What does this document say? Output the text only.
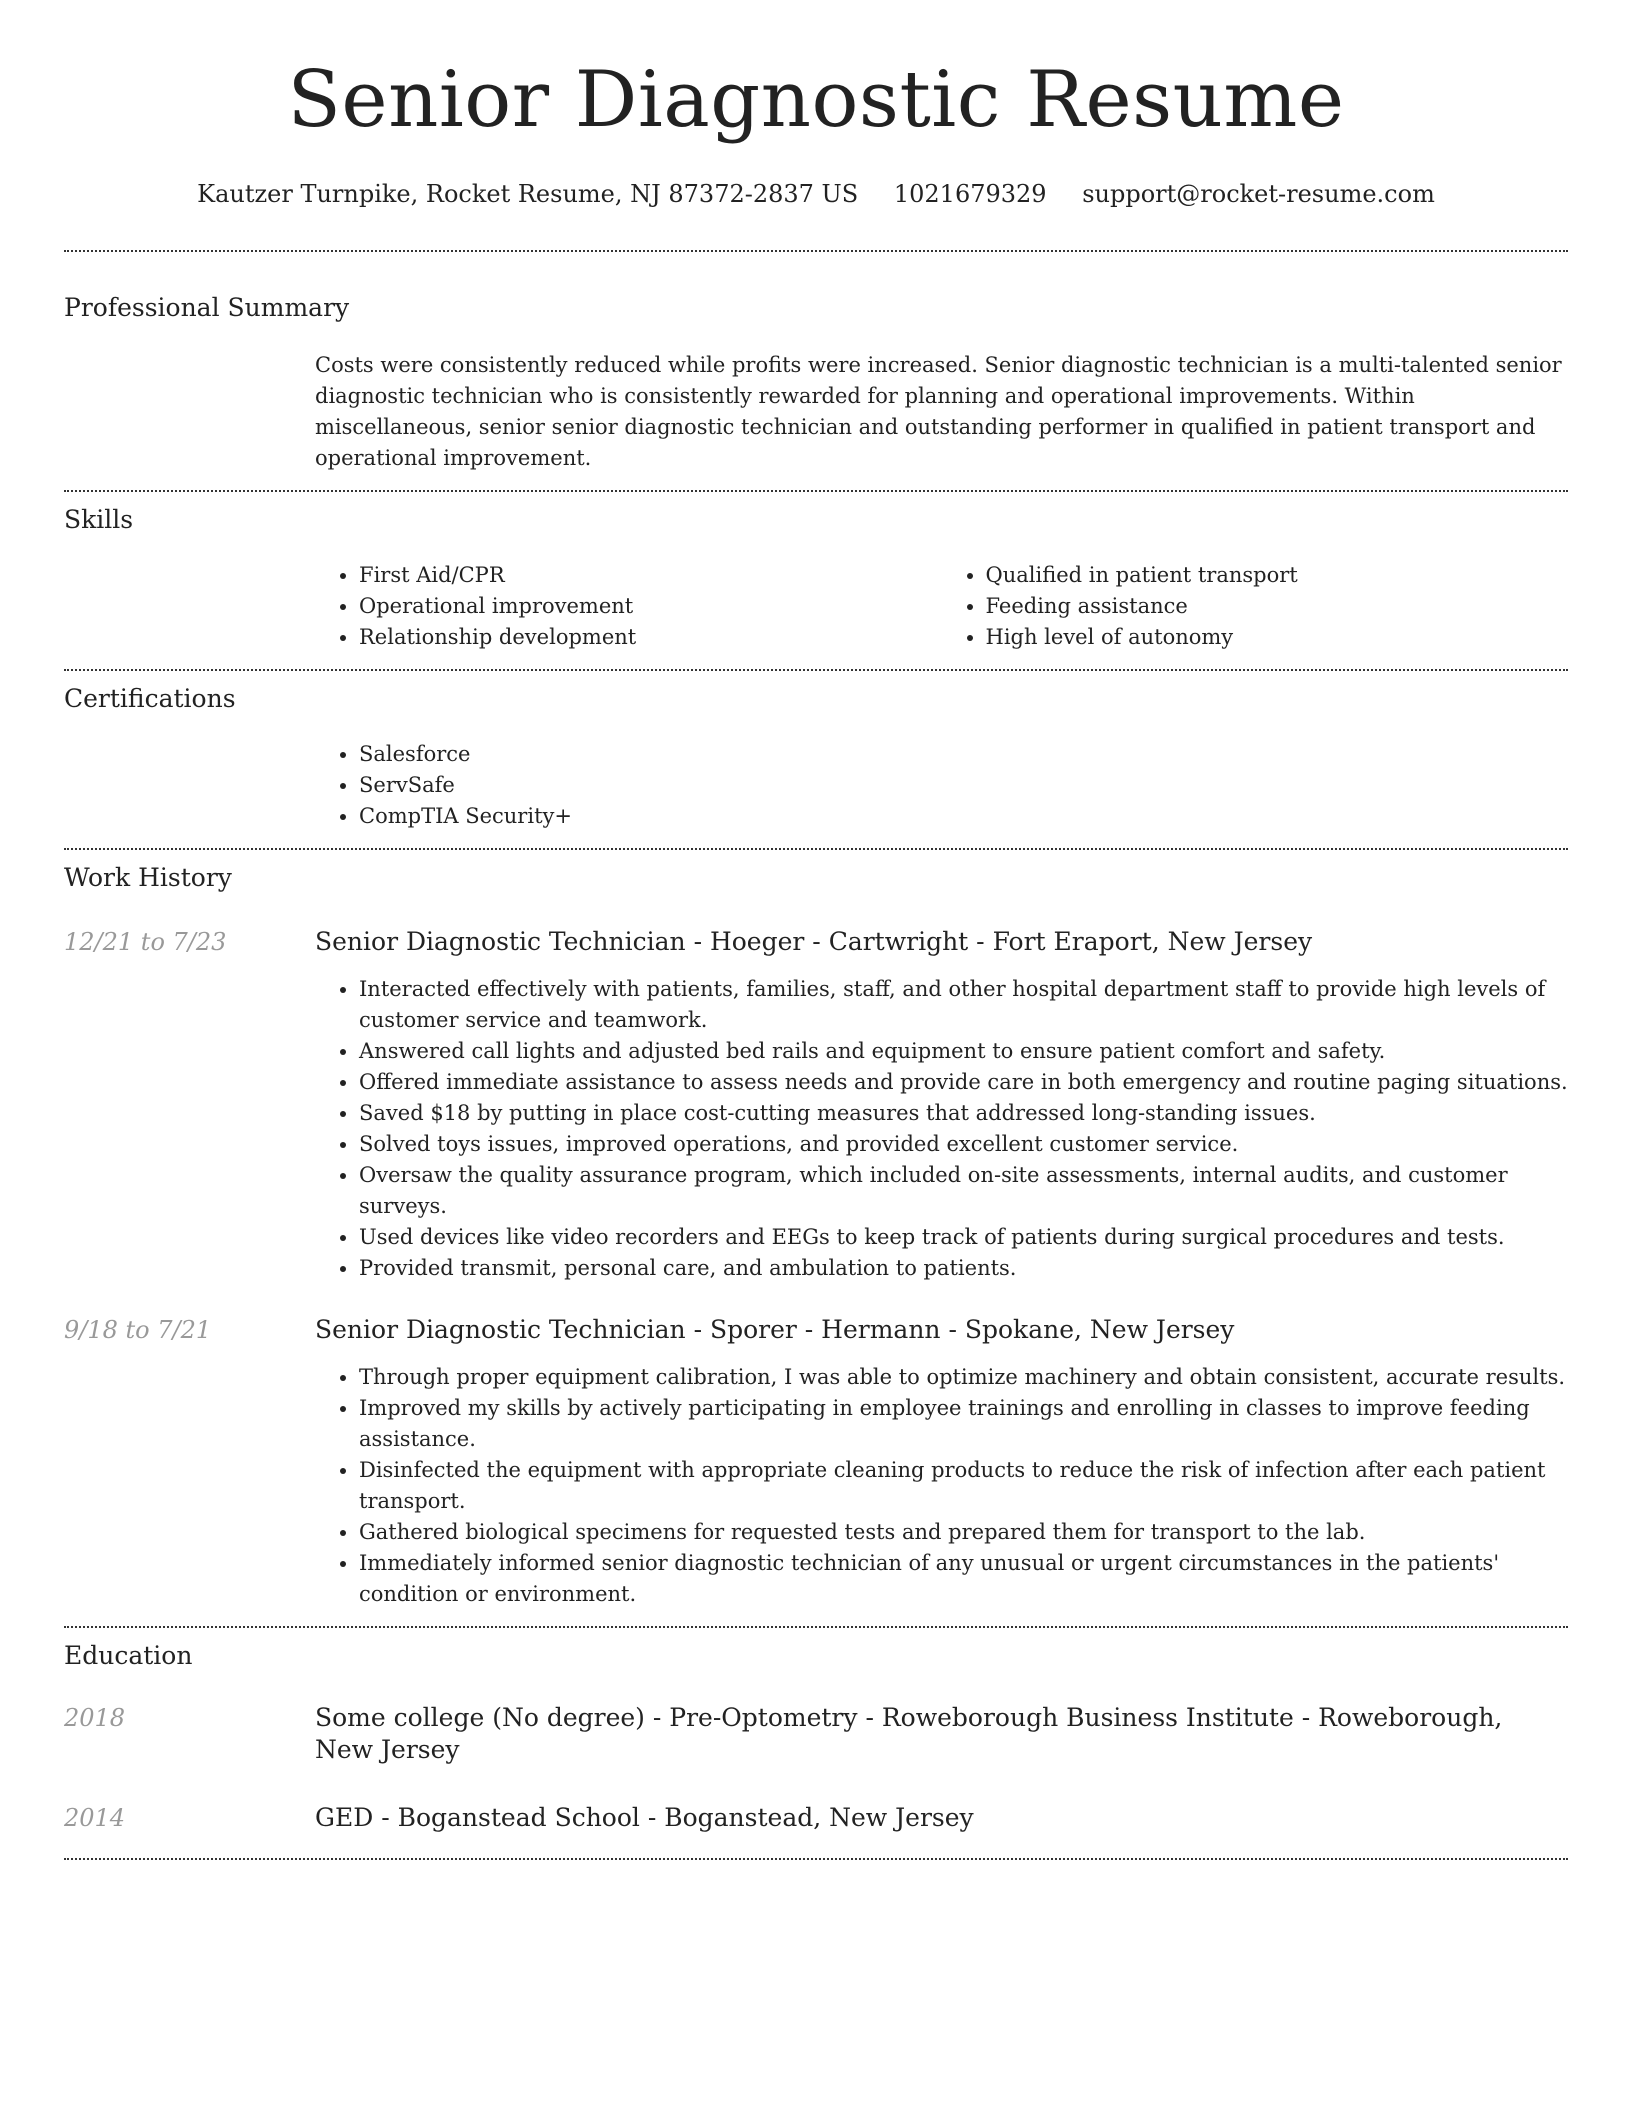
Senior Diagnostic Resume
Kautzer Turnpike, Rocket Resume, NJ 87372-2837 US 1021679329 support@rocket-resume.com
Professional Summary
Costs were consistently reduced while profits were increased. Senior diagnostic technician is a multi-talented senior diagnostic technician who is consistently rewarded for planning and operational improvements. Within miscellaneous, senior senior diagnostic technician and outstanding performer in qualified in patient transport and operational improvement.
Skills
• First Aid/CPR
• Operational improvement
• Relationship development
• Qualified in patient transport
• Feeding assistance
• High level of autonomy
Certifications
• Salesforce
• ServSafe
• CompTIA Security+
Work History
12/21 to 7/23	Senior Diagnostic Technician - Hoeger - Cartwright - Fort Eraport, New Jersey
• Interacted effectively with patients, families, staff, and other hospital department staff to provide high levels of customer service and teamwork.
• Answered call lights and adjusted bed rails and equipment to ensure patient comfort and safety.
• Offered immediate assistance to assess needs and provide care in both emergency and routine paging situations.
• Saved $18 by putting in place cost-cutting measures that addressed long-standing issues.
• Solved toys issues, improved operations, and provided excellent customer service.
• Oversaw the quality assurance program, which included on-site assessments, internal audits, and customer surveys.
• Used devices like video recorders and EEGs to keep track of patients during surgical procedures and tests.
• Provided transmit, personal care, and ambulation to patients.
9/18 to 7/21	Senior Diagnostic Technician - Sporer - Hermann - Spokane, New Jersey
• Through proper equipment calibration, I was able to optimize machinery and obtain consistent, accurate results.
• Improved my skills by actively participating in employee trainings and enrolling in classes to improve feeding assistance.
• Disinfected the equipment with appropriate cleaning products to reduce the risk of infection after each patient transport.
• Gathered biological specimens for requested tests and prepared them for transport to the lab.
• Immediately informed senior diagnostic technician of any unusual or urgent circumstances in the patients' condition or environment.
Education
2018	Some college (No degree) - Pre-Optometry - Roweborough Business Institute - Roweborough, New Jersey
2014	GED - Boganstead School - Boganstead, New Jersey
